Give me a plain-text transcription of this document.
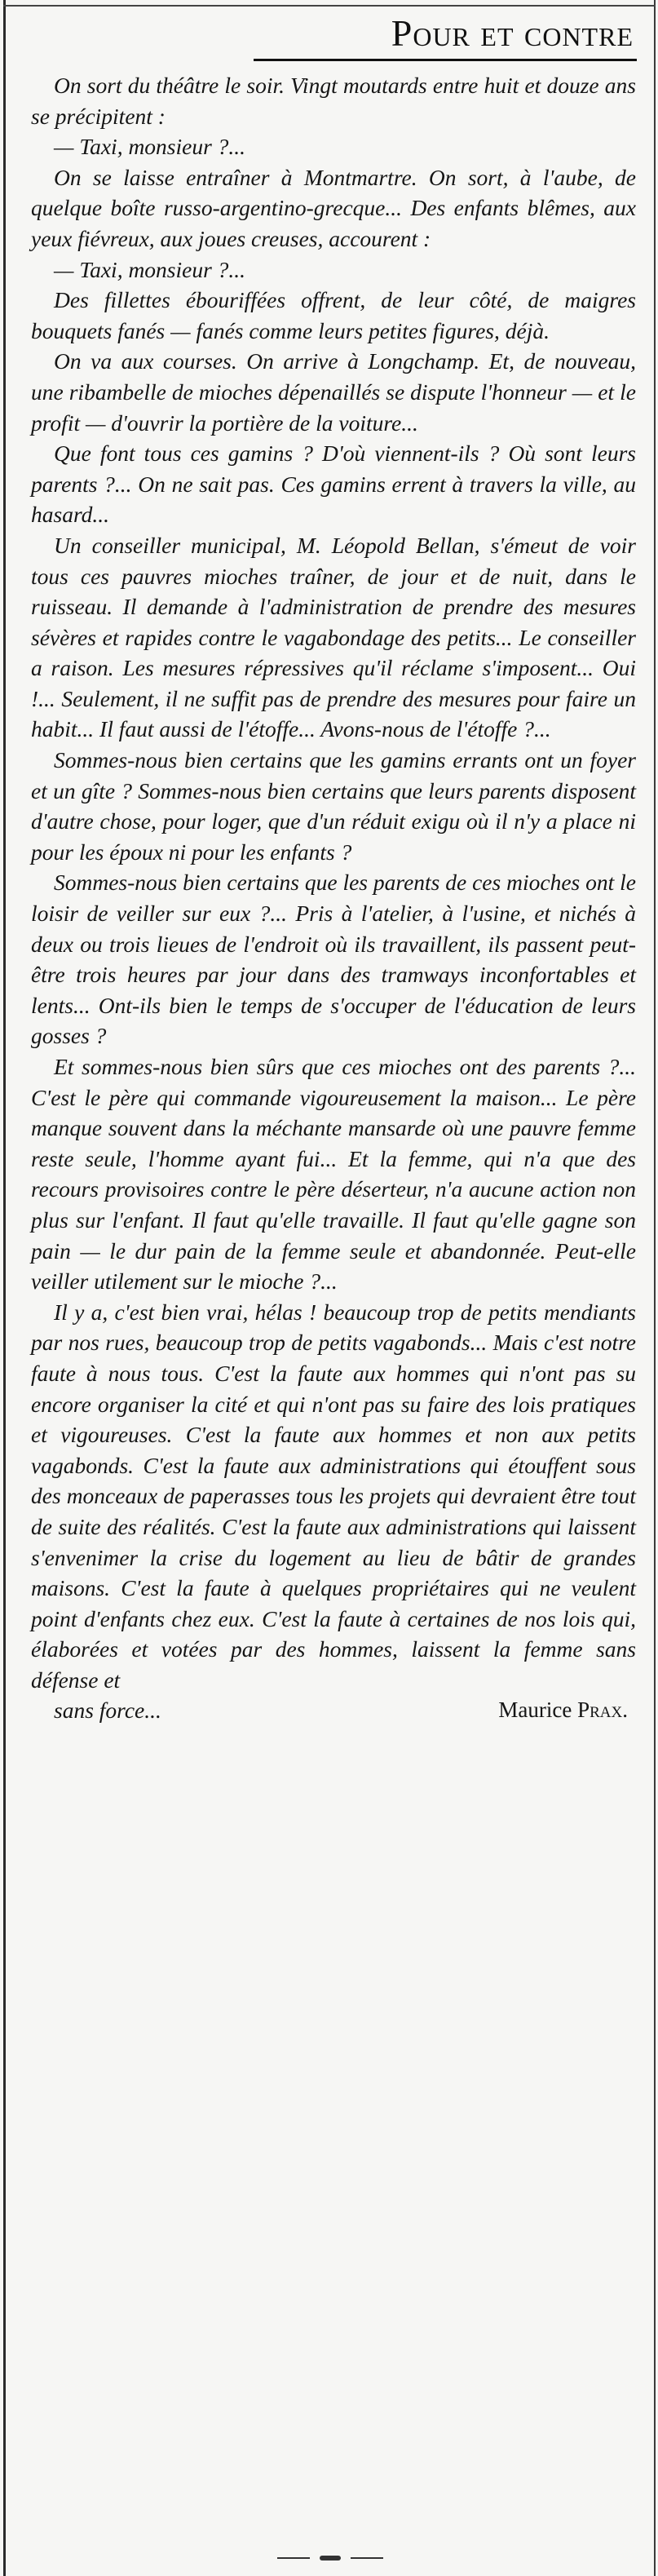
Pour et contre

On sort du théâtre le soir. Vingt moutards entre huit et douze ans se précipitent :

— Taxi, monsieur ?...

On se laisse entraîner à Montmartre. On sort, à l'aube, de quelque boîte russo-argentino-grecque... Des enfants blêmes, aux yeux fiévreux, aux joues creuses, accourent :

— Taxi, monsieur ?...

Des fillettes ébouriffées offrent, de leur côté, de maigres bouquets fanés — fanés comme leurs petites figures, déjà.

On va aux courses. On arrive à Longchamp. Et, de nouveau, une ribambelle de mioches dépenaillés se dispute l'honneur — et le profit — d'ouvrir la portière de la voiture...

Que font tous ces gamins ? D'où viennent-ils ? Où sont leurs parents ?... On ne sait pas. Ces gamins errent à travers la ville, au hasard...

Un conseiller municipal, M. Léopold Bellan, s'émeut de voir tous ces pauvres mioches traîner, de jour et de nuit, dans le ruisseau. Il demande à l'administration de prendre des mesures sévères et rapides contre le vagabondage des petits... Le conseiller a raison. Les mesures répressives qu'il réclame s'imposent... Oui !... Seulement, il ne suffit pas de prendre des mesures pour faire un habit... Il faut aussi de l'étoffe... Avons-nous de l'étoffe ?...

Sommes-nous bien certains que les gamins errants ont un foyer et un gîte ? Sommes-nous bien certains que leurs parents disposent d'autre chose, pour loger, que d'un réduit exigu où il n'y a place ni pour les époux ni pour les enfants ?

Sommes-nous bien certains que les parents de ces mioches ont le loisir de veiller sur eux ?... Pris à l'atelier, à l'usine, et nichés à deux ou trois lieues de l'endroit où ils travaillent, ils passent peut-être trois heures par jour dans des tramways inconfortables et lents... Ont-ils bien le temps de s'occuper de l'éducation de leurs gosses ?

Et sommes-nous bien sûrs que ces mioches ont des parents ?... C'est le père qui commande vigoureusement la maison... Le père manque souvent dans la méchante mansarde où une pauvre femme reste seule, l'homme ayant fui... Et la femme, qui n'a que des recours provisoires contre le père déserteur, n'a aucune action non plus sur l'enfant. Il faut qu'elle travaille. Il faut qu'elle gagne son pain — le dur pain de la femme seule et abandonnée. Peut-elle veiller utilement sur le mioche ?...

Il y a, c'est bien vrai, hélas ! beaucoup trop de petits mendiants par nos rues, beaucoup trop de petits vagabonds... Mais c'est notre faute à nous tous. C'est la faute aux hommes qui n'ont pas su encore organiser la cité et qui n'ont pas su faire des lois pratiques et vigoureuses. C'est la faute aux hommes et non aux petits vagabonds. C'est la faute aux administrations qui étouffent sous des monceaux de paperasses tous les projets qui devraient être tout de suite des réalités. C'est la faute aux administrations qui laissent s'envenimer la crise du logement au lieu de bâtir de grandes maisons. C'est la faute à quelques propriétaires qui ne veulent point d'enfants chez eux. C'est la faute à certaines de nos lois qui, élaborées et votées par des hommes, laissent la femme sans défense et

sans force...	Maurice Prax.
